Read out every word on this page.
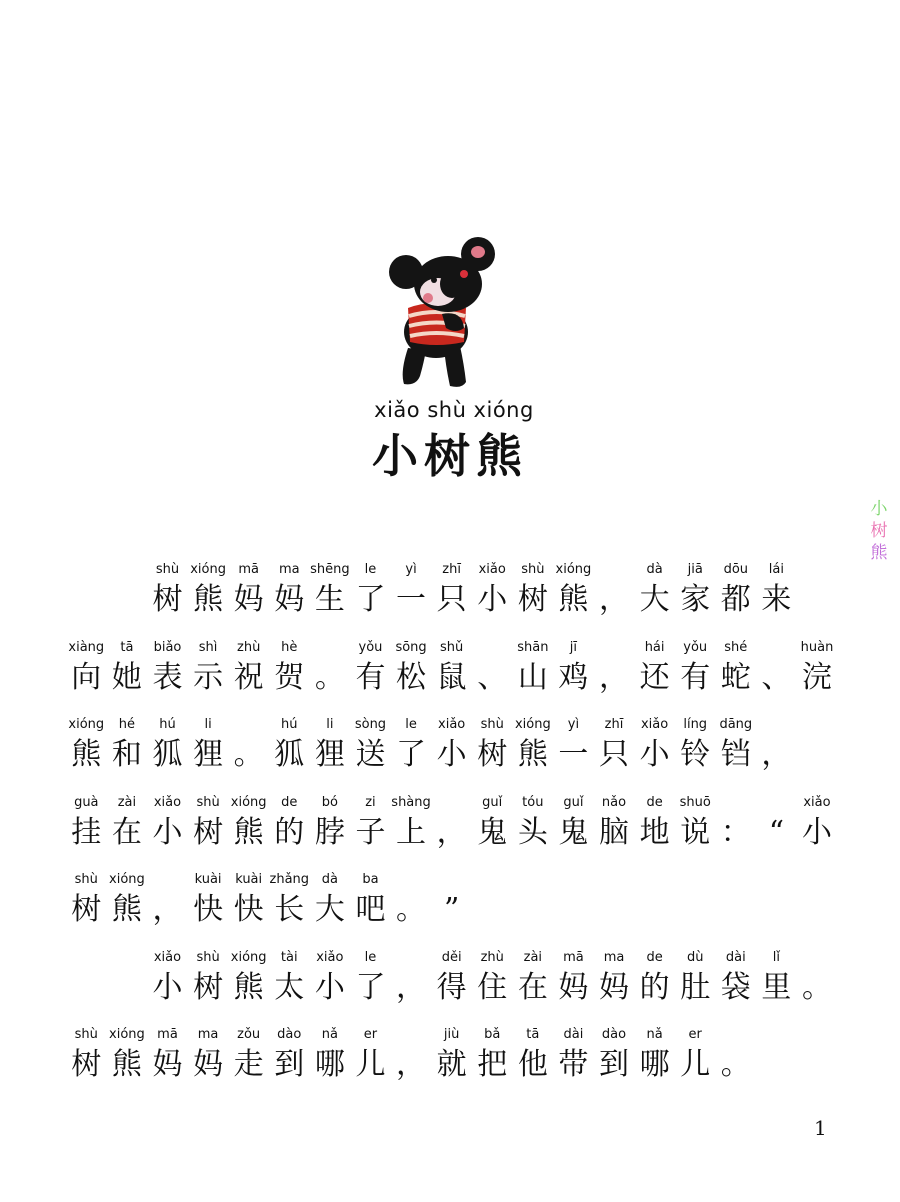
xiǎo shù xióng
小树熊
小
树
熊
shù
树
xióng
熊
mā
妈
ma
妈
shēng
生
le
了
yì
一
zhī
只
xiǎo
小
shù
树
xióng
熊 ，
dà
大
jiā
家
dōu
都
lái
来
xiàng
向
tā
她
biǎo
表
shì
示
zhù
祝
hè
贺 。
yǒu
有
sōng
松
shǔ
鼠 、
shān
山
jī
鸡 ，
hái
还
yǒu
有
shé
蛇 、
huàn
浣
xióng
熊
hé
和
hú
狐
li
狸 。
hú
狐
li
狸
sòng
送
le
了
xiǎo
小
shù
树
xióng
熊
yì
一
zhī
只
xiǎo
小
líng
铃
dāng
铛 ，
guà
挂
zài
在
xiǎo
小
shù
树
xióng
熊
de
的
bó
脖
zi
子
shàng
上 ，
guǐ
鬼
tóu
头
guǐ
鬼
nǎo
脑
de
地
shuō
说 ： “
xiǎo
小
shù
树
xióng
熊 ，
kuài
快
kuài
快
zhǎng
长
dà
大
ba
吧 。 ”
xiǎo
小
shù
树
xióng
熊
tài
太
xiǎo
小
le
了 ，
děi
得
zhù
住
zài
在
mā
妈
ma
妈
de
的
dù
肚
dài
袋
lǐ
里 。
shù
树
xióng
熊
mā
妈
ma
妈
zǒu
走
dào
到
nǎ
哪
er
儿 ，
jiù
就
bǎ
把
tā
他
dài
带
dào
到
nǎ
哪
er
儿 。
1
